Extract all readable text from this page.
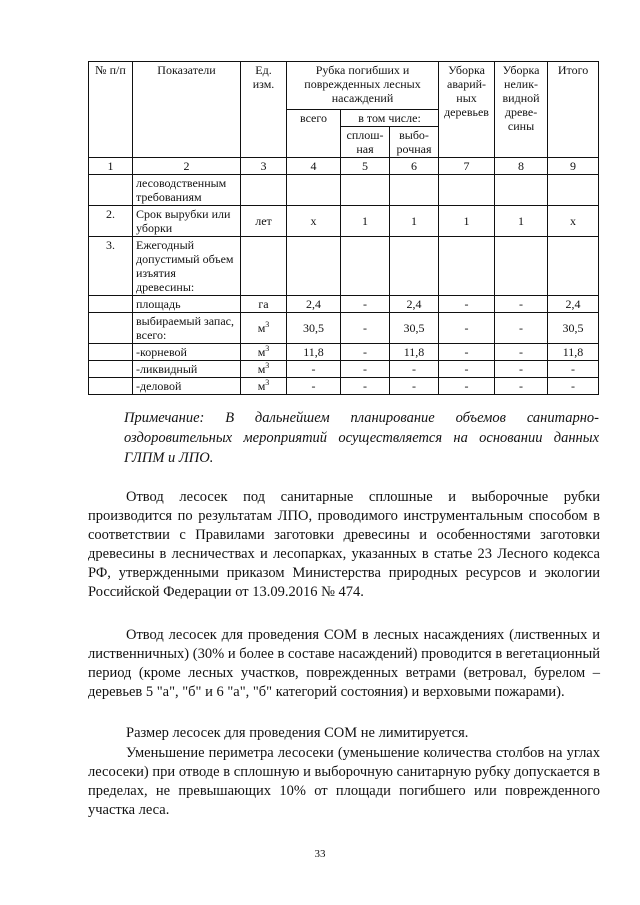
№ п/п	Показатели	Ед. изм.	Рубка погибших и поврежденных лесных насаждений			Уборка аварий- ных деревьев	Уборка нелик- видной древе- сины	Итого
			всего	в том числе:				
				сплош- ная	выбо- рочная			
1	2	3	4	5	6	7	8	9
	лесоводственным требованиям							
2.	Срок вырубки или уборки	лет	x	1	1	1	1	x
3.	Ежегодный допустимый объем изъятия древесины:							
	площадь	га	2,4	-	2,4	-	-	2,4
	выбираемый запас, всего:	$м^3$	30,5	-	30,5	-	-	30,5
	-корневой	$м^3$	11,8	-	11,8	-	-	11,8
	-ликвидный	$м^3$	-	-	-	-	-	-
	-деловой	$м^3$	-	-	-	-	-	-
Примечание: В дальнейшем планирование объемов санитарно-оздоровительных мероприятий осуществляется на основании данных ГЛПМ и ЛПО.
Отвод лесосек под санитарные сплошные и выборочные рубки производится по результатам ЛПО, проводимого инструментальным способом в соответствии с Правилами заготовки древесины и особенностями заготовки древесины в лесничествах и лесопарках, указанных в статье 23 Лесного кодекса РФ, утвержденными приказом Министерства природных ресурсов и экологии Российской Федерации от 13.09.2016 № 474.
Отвод лесосек для проведения СОМ в лесных насаждениях (лиственных и лиственничных) (30% и более в составе насаждений) проводится в вегетационный период (кроме лесных участков, поврежденных ветрами (ветровал, бурелом – деревьев 5 "а", "б" и 6 "а", "б" категорий состояния) и верховыми пожарами).
Размер лесосек для проведения СОМ не лимитируется.
Уменьшение периметра лесосеки (уменьшение количества столбов на углах лесосеки) при отводе в сплошную и выборочную санитарную рубку допускается в пределах, не превышающих 10% от площади погибшего или поврежденного участка леса.
33
